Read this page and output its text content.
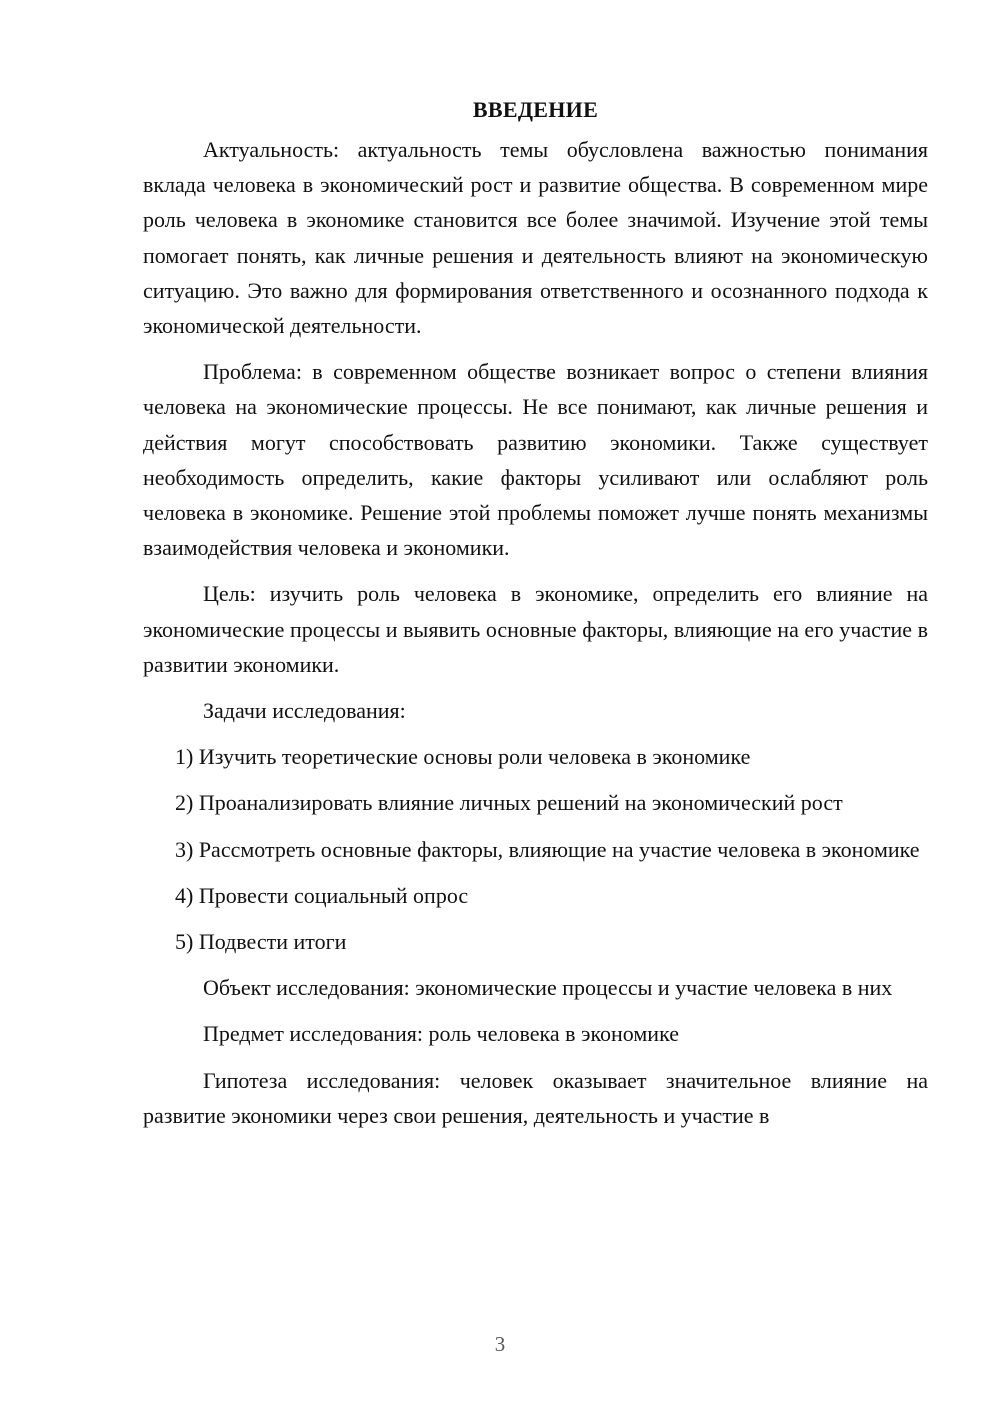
ВВЕДЕНИЕ

Актуальность: актуальность темы обусловлена важностью понимания вклада человека в экономический рост и развитие общества. В современном мире роль человека в экономике становится все более значимой. Изучение этой темы помогает понять, как личные решения и деятельность влияют на экономическую ситуацию. Это важно для формирования ответственного и осознанного подхода к экономической деятельности.

Проблема: в современном обществе возникает вопрос о степени влияния человека на экономические процессы. Не все понимают, как личные решения и действия могут способствовать развитию экономики. Также существует необходимость определить, какие факторы усиливают или ослабляют роль человека в экономике. Решение этой проблемы поможет лучше понять механизмы взаимодействия человека и экономики.

Цель: изучить роль человека в экономике, определить его влияние на экономические процессы и выявить основные факторы, влияющие на его участие в развитии экономики.

Задачи исследования:

1) Изучить теоретические основы роли человека в экономике

2) Проанализировать влияние личных решений на экономический рост

3) Рассмотреть основные факторы, влияющие на участие человека в экономике

4) Провести социальный опрос

5) Подвести итоги

Объект исследования: экономические процессы и участие человека в них

Предмет исследования: роль человека в экономике

Гипотеза исследования: человек оказывает значительное влияние на развитие экономики через свои решения, деятельность и участие в

3
